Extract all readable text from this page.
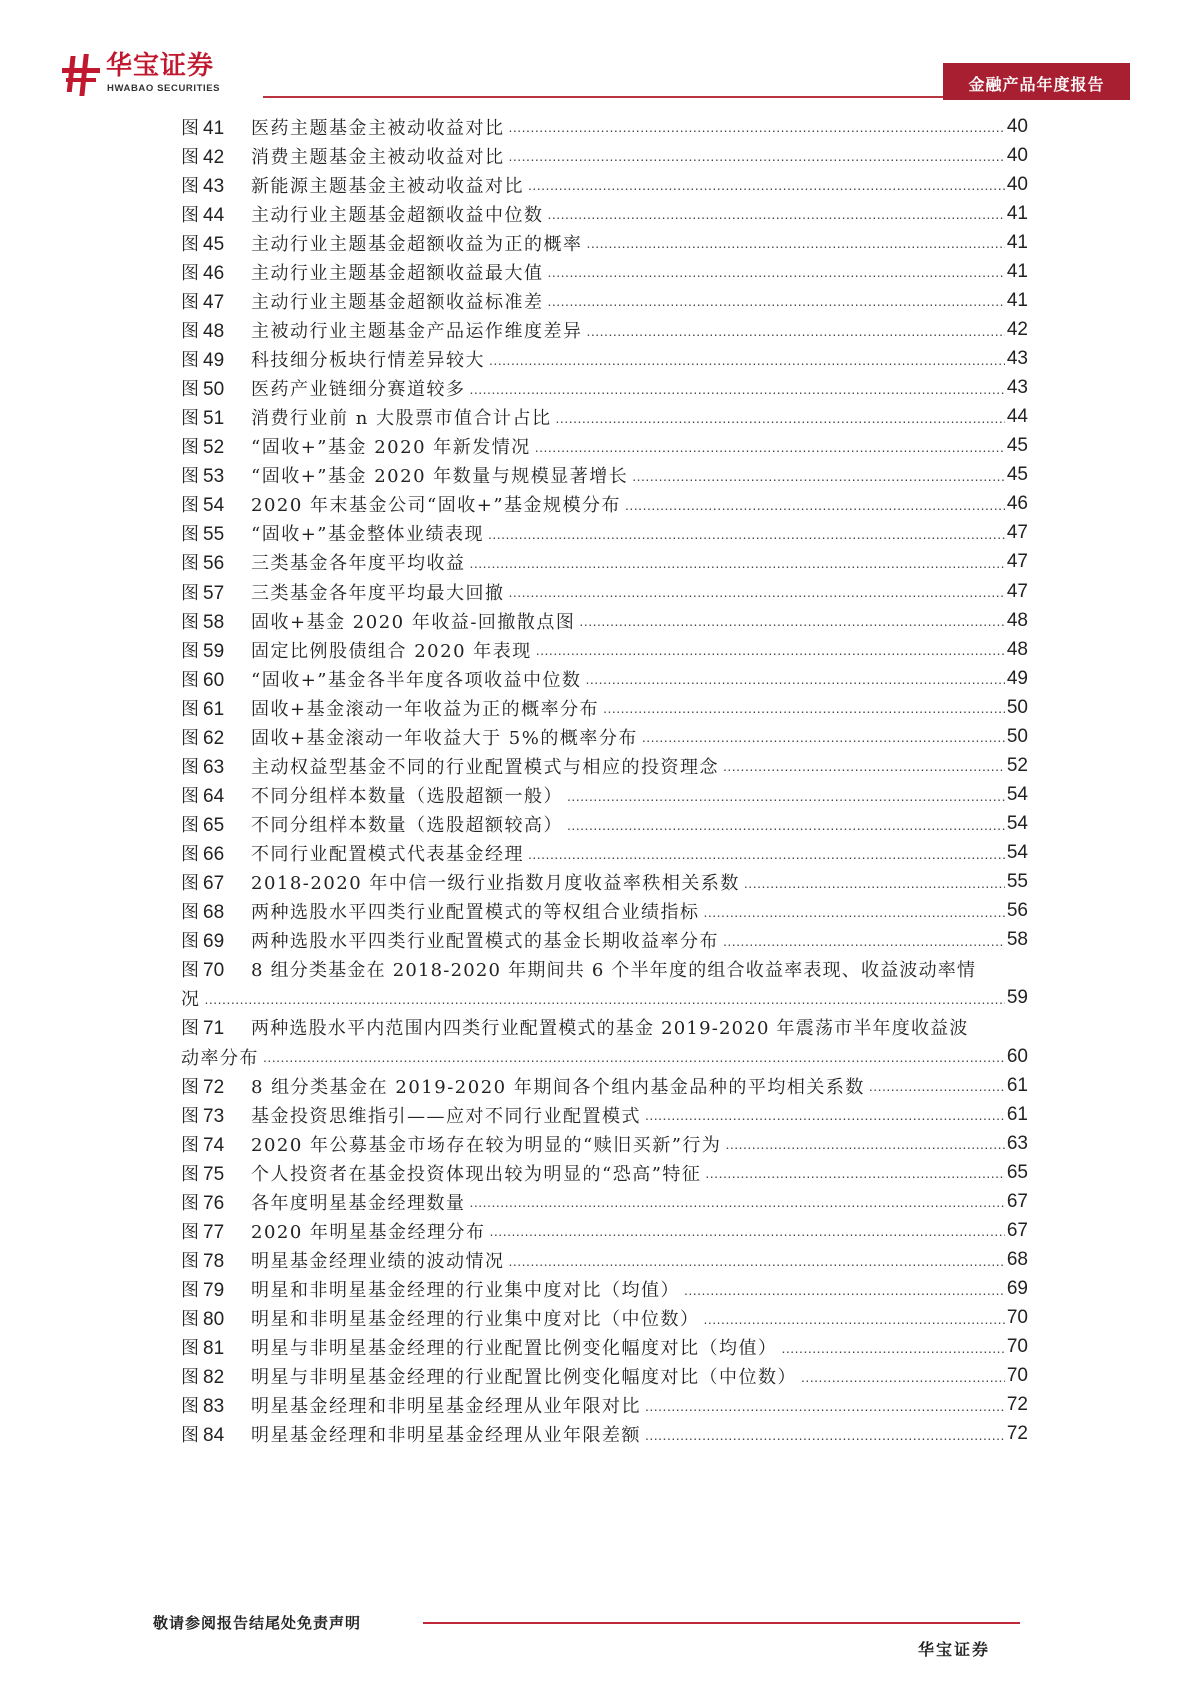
华宝证券
HWABAO SECURITIES	金融产品年度报告
图 41	医药主题基金主被动收益对比 .....	40
图 42	消费主题基金主被动收益对比 .....	40
图 43	新能源主题基金主被动收益对比 .....	40
图 44	主动行业主题基金超额收益中位数 .....	41
图 45	主动行业主题基金超额收益为正的概率 .....	41
图 46	主动行业主题基金超额收益最大值 .....	41
图 47	主动行业主题基金超额收益标准差 .....	41
图 48	主被动行业主题基金产品运作维度差异 .....	42
图 49	科技细分板块行情差异较大 .....	43
图 50	医药产业链细分赛道较多 .....	43
图 51	消费行业前 n 大股票市值合计占比 .....	44
图 52	“固收+”基金 2020 年新发情况 .....	45
图 53	“固收+”基金 2020 年数量与规模显著增长 .....	45
图 54	2020 年末基金公司“固收+”基金规模分布 .....	46
图 55	“固收+”基金整体业绩表现 .....	47
图 56	三类基金各年度平均收益 .....	47
图 57	三类基金各年度平均最大回撤 .....	47
图 58	固收+基金 2020 年收益-回撤散点图 .....	48
图 59	固定比例股债组合 2020 年表现 .....	48
图 60	“固收+”基金各半年度各项收益中位数 .....	49
图 61	固收+基金滚动一年收益为正的概率分布 .....	50
图 62	固收+基金滚动一年收益大于 5%的概率分布 .....	50
图 63	主动权益型基金不同的行业配置模式与相应的投资理念 .....	52
图 64	不同分组样本数量（选股超额一般） .....	54
图 65	不同分组样本数量（选股超额较高） .....	54
图 66	不同行业配置模式代表基金经理 .....	54
图 67	2018-2020 年中信一级行业指数月度收益率秩相关系数 .....	55
图 68	两种选股水平四类行业配置模式的等权组合业绩指标 .....	56
图 69	两种选股水平四类行业配置模式的基金长期收益率分布 .....	58
图 70	8 组分类基金在 2018-2020 年期间共 6 个半年度的组合收益率表现、收益波动率情
况 .....	59
图 71	两种选股水平内范围内四类行业配置模式的基金 2019-2020 年震荡市半年度收益波
动率分布 .....	60
图 72	8 组分类基金在 2019-2020 年期间各个组内基金品种的平均相关系数 .....	61
图 73	基金投资思维指引——应对不同行业配置模式 .....	61
图 74	2020 年公募基金市场存在较为明显的“赎旧买新”行为 .....	63
图 75	个人投资者在基金投资体现出较为明显的“恐高”特征 .....	65
图 76	各年度明星基金经理数量 .....	67
图 77	2020 年明星基金经理分布 .....	67
图 78	明星基金经理业绩的波动情况 .....	68
图 79	明星和非明星基金经理的行业集中度对比（均值） .....	69
图 80	明星和非明星基金经理的行业集中度对比（中位数） .....	70
图 81	明星与非明星基金经理的行业配置比例变化幅度对比（均值） .....	70
图 82	明星与非明星基金经理的行业配置比例变化幅度对比（中位数） .....	70
图 83	明星基金经理和非明星基金经理从业年限对比 .....	72
图 84	明星基金经理和非明星基金经理从业年限差额 .....	72
敬请参阅报告结尾处免责声明
华宝证券
